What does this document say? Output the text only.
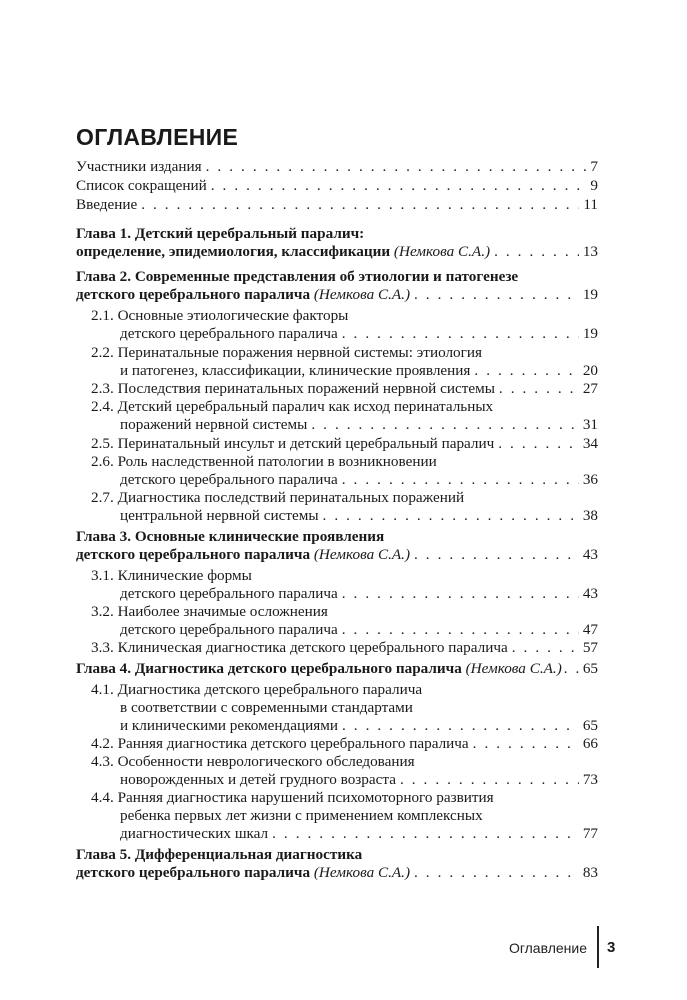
ОГЛАВЛЕНИЕ
Участники издания . . .	7
Список сокращений . . .	9
Введение . . .	11
Глава 1. Детский церебральный паралич:
определение, эпидемиология, классификации (Немкова С.А.) . . .	13
Глава 2. Современные представления об этиологии и патогенезе
детского церебрального паралича (Немкова С.А.) . . .	19
2.1. Основные этиологические факторы
детского церебрального паралича . . .	19
2.2. Перинатальные поражения нервной системы: этиология
и патогенез, классификации, клинические проявления . . .	20
2.3. Последствия перинатальных поражений нервной системы . . .	27
2.4. Детский церебральный паралич как исход перинатальных
поражений нервной системы . . .	31
2.5. Перинатальный инсульт и детский церебральный паралич . . .	34
2.6. Роль наследственной патологии в возникновении
детского церебрального паралича . . .	36
2.7. Диагностика последствий перинатальных поражений
центральной нервной системы . . .	38
Глава 3. Основные клинические проявления
детского церебрального паралича (Немкова С.А.) . . .	43
3.1. Клинические формы
детского церебрального паралича . . .	43
3.2. Наиболее значимые осложнения
детского церебрального паралича . . .	47
3.3. Клиническая диагностика детского церебрального паралича . . .	57
Глава 4. Диагностика детского церебрального паралича (Немкова С.А.) . . . 65
4.1. Диагностика детского церебрального паралича
в соответствии с современными стандартами
и клиническими рекомендациями . . .	65
4.2. Ранняя диагностика детского церебрального паралича . . .	66
4.3. Особенности неврологического обследования
новорожденных и детей грудного возраста . . .	73
4.4. Ранняя диагностика нарушений психомоторного развития
ребенка первых лет жизни с применением комплексных
диагностических шкал . . .	77
Глава 5. Дифференциальная диагностика
детского церебрального паралича (Немкова С.А.) . . .	83
Оглавление 3
